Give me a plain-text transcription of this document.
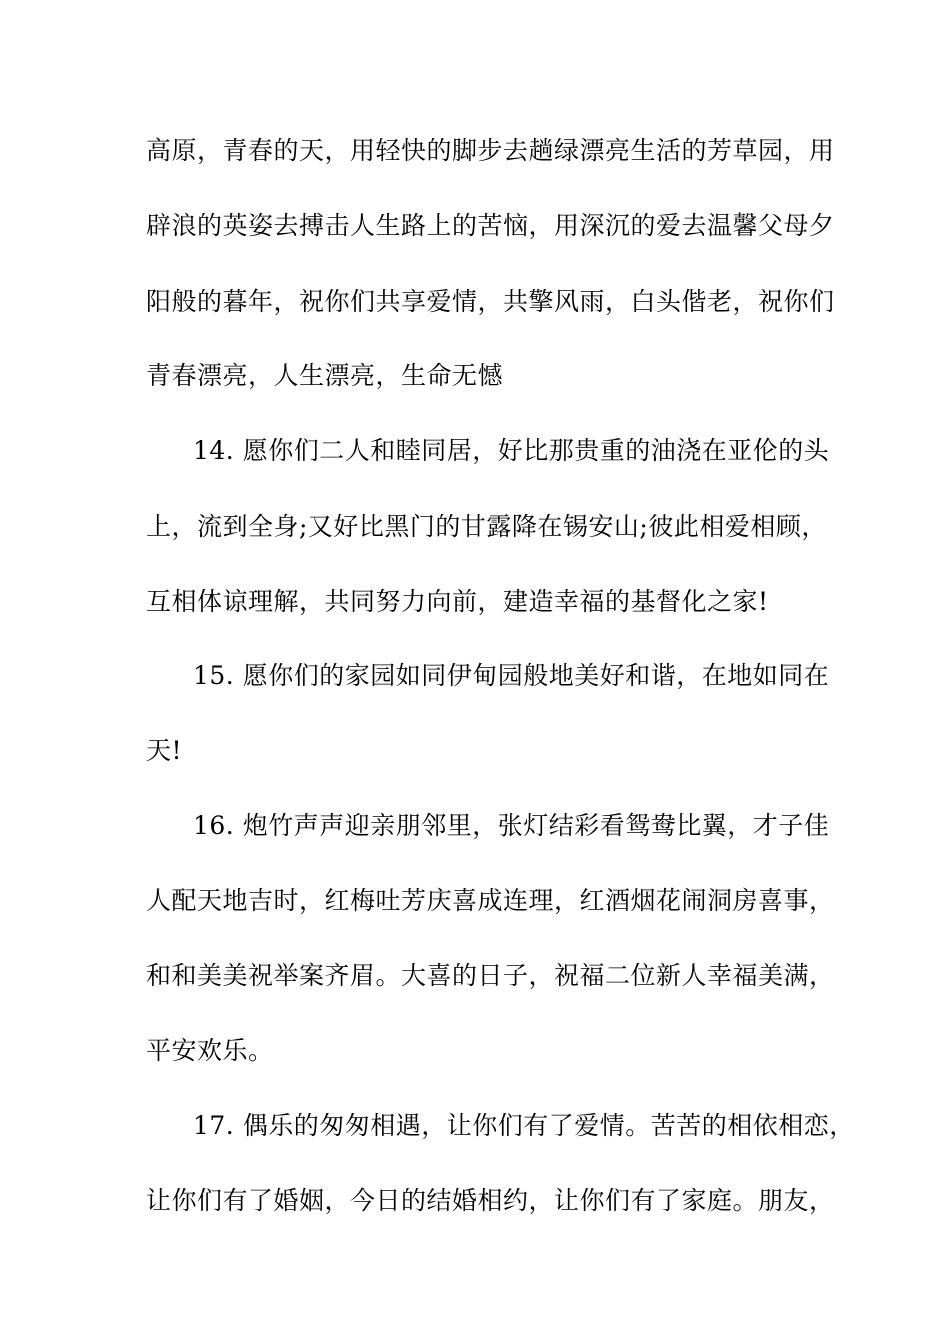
高原，青春的天，用轻快的脚步去趟绿漂亮生活的芳草园，用
辟浪的英姿去搏击人生路上的苦恼，用深沉的爱去温馨父母夕
阳般的暮年，祝你们共享爱情，共擎风雨，白头偕老，祝你们
青春漂亮，人生漂亮，生命无憾
14. 愿你们二人和睦同居，好比那贵重的油浇在亚伦的头
上，流到全身;又好比黑门的甘露降在锡安山;彼此相爱相顾，
互相体谅理解，共同努力向前，建造幸福的基督化之家!
15. 愿你们的家园如同伊甸园般地美好和谐，在地如同在
天!
16. 炮竹声声迎亲朋邻里，张灯结彩看鸳鸯比翼，才子佳
人配天地吉时，红梅吐芳庆喜成连理，红酒烟花闹洞房喜事，
和和美美祝举案齐眉。大喜的日子，祝福二位新人幸福美满，
平安欢乐。
17. 偶乐的匆匆相遇，让你们有了爱情。苦苦的相依相恋，
让你们有了婚姻，今日的结婚相约，让你们有了家庭。朋友，
